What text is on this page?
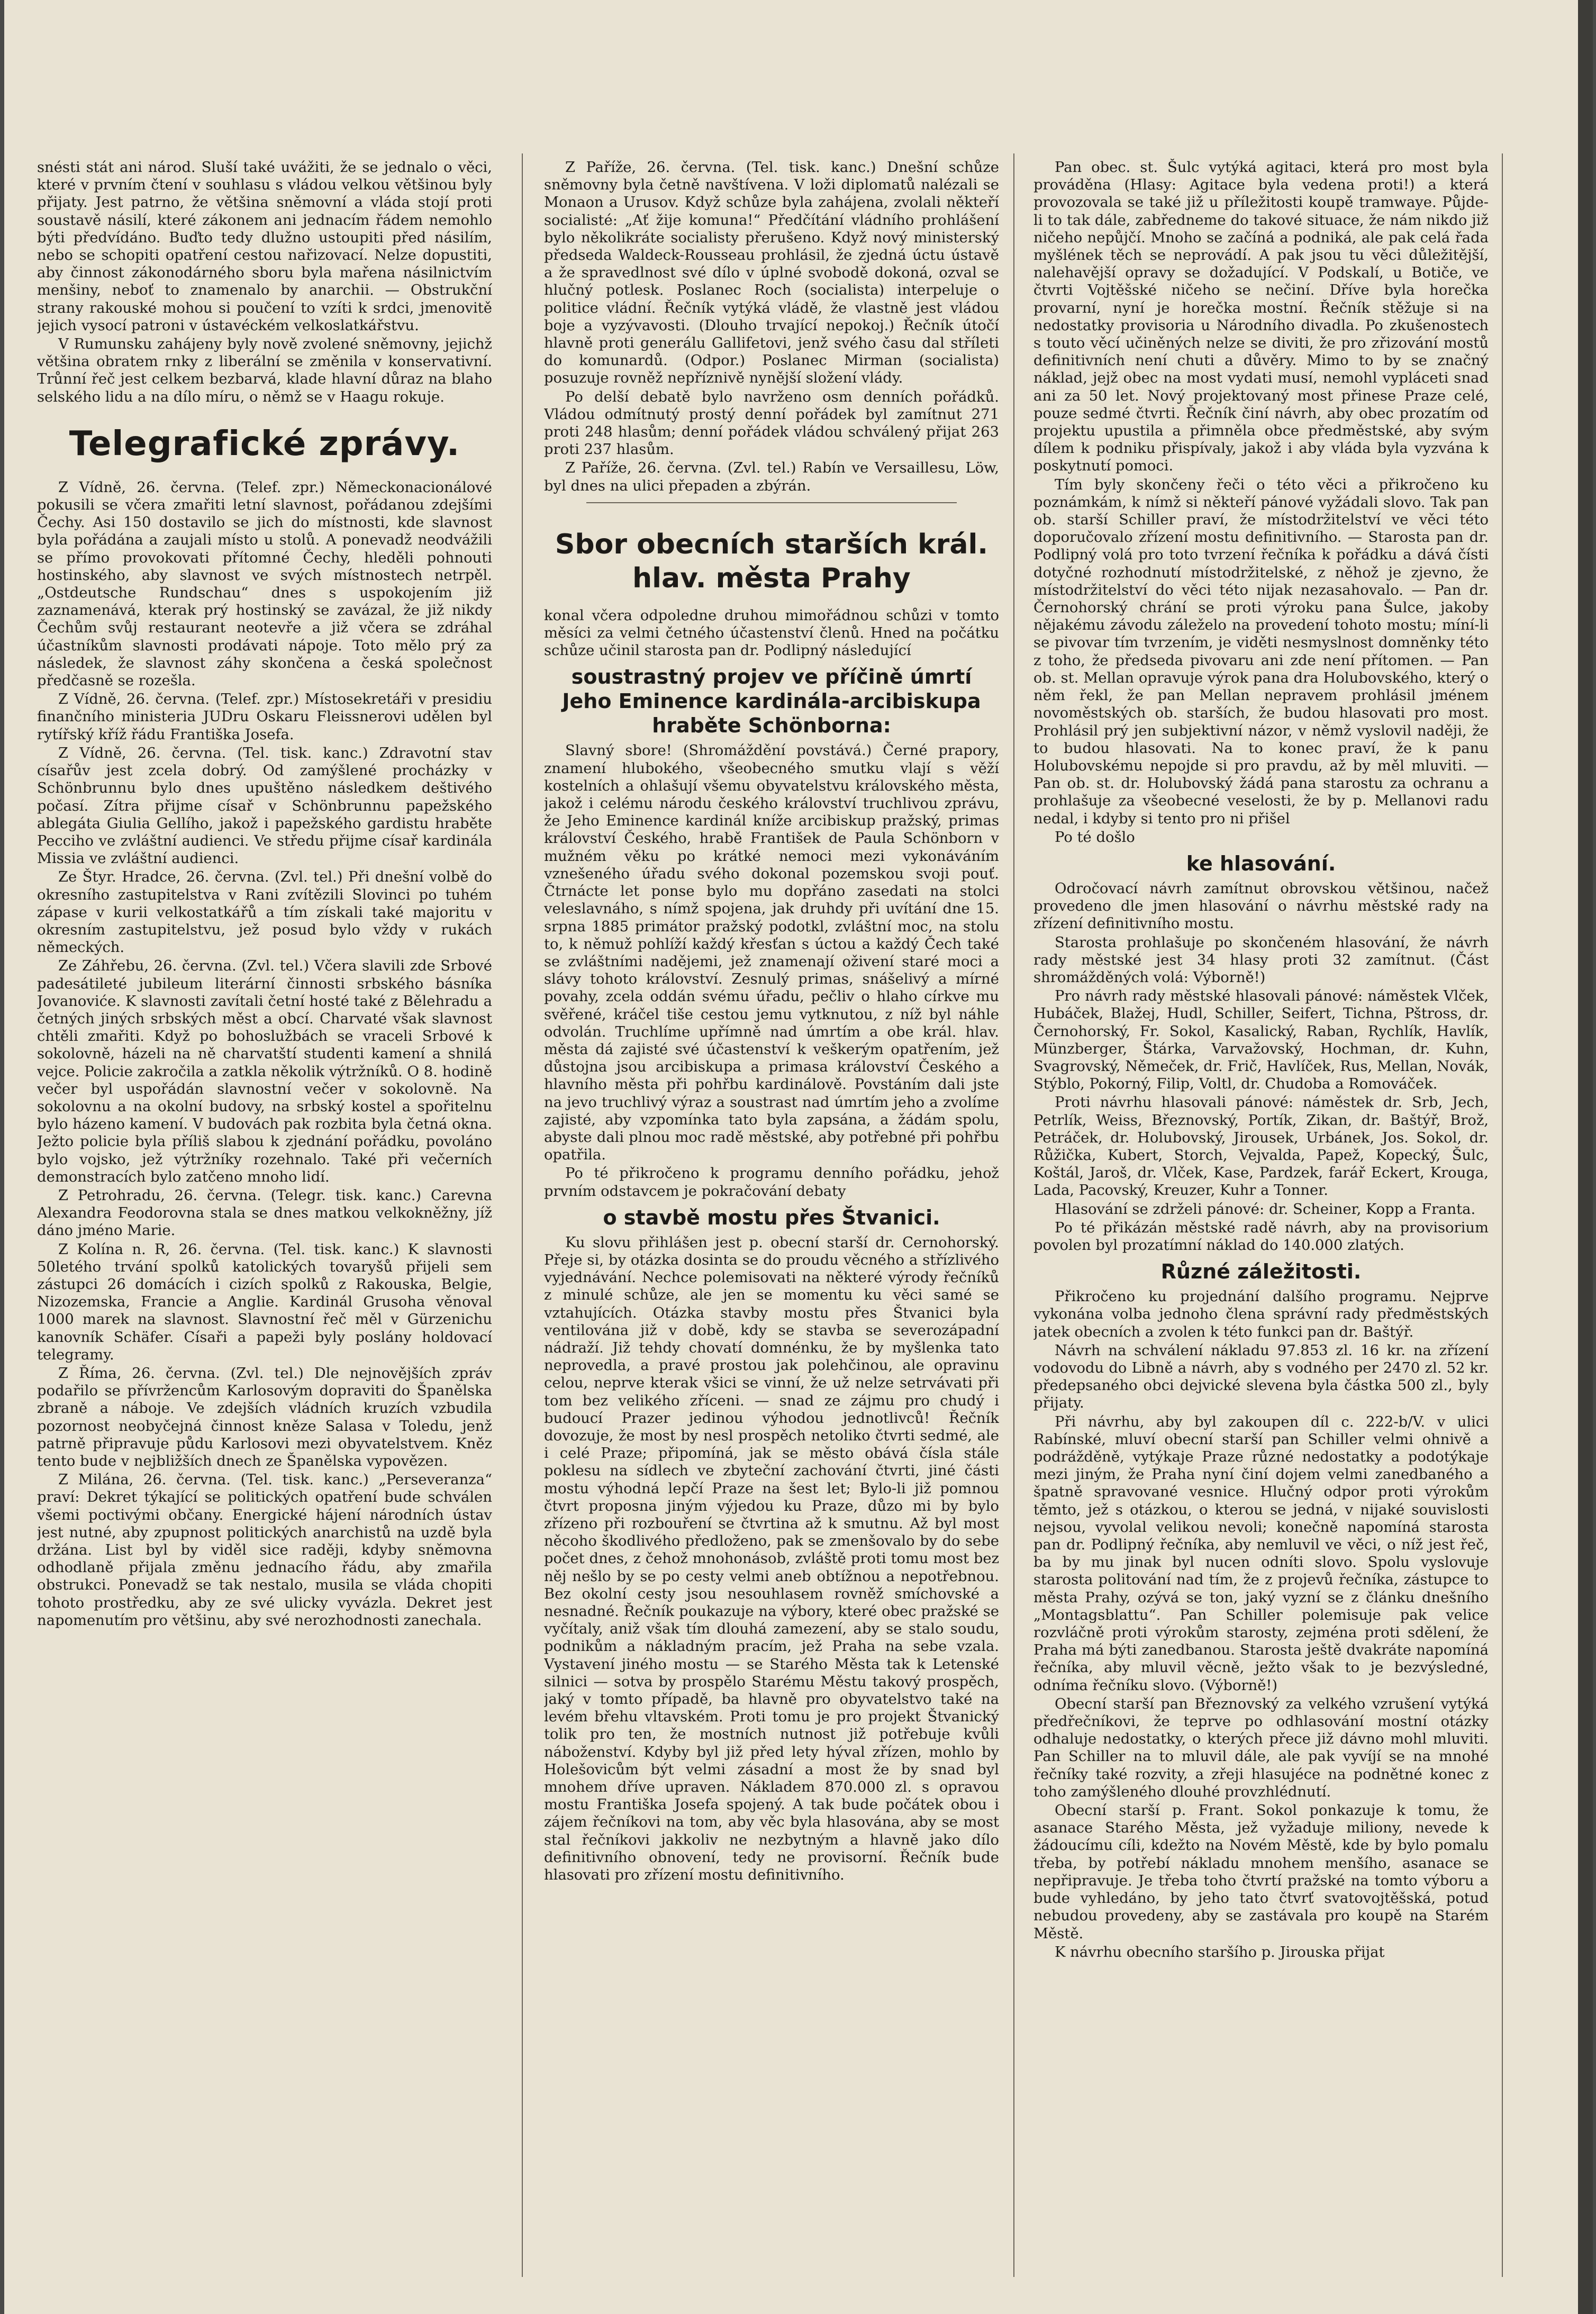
snésti stát ani národ. Sluší také uvážiti, že se jednalo o věci, které v prvním čtení v souhlasu s vládou velkou většinou byly přijaty. Jest patrno, že většina sněmovní a vláda stojí proti soustavě násilí, které zákonem ani jednacím řádem nemohlo býti předvídáno. Buďto tedy dlužno ustoupiti před násilím, nebo se schopiti opatření cestou nařizovací. Nelze dopustiti, aby činnost zákonodárného sboru byla mařena násilnictvím menšiny, neboť to znamenalo by anarchii. — Obstrukční strany rakouské mohou si poučení to vzíti k srdci, jmenovitě jejich vysocí patroni v ústavéckém velkoslatkářstvu.

V Rumunsku zahájeny byly nově zvolené sněmovny, jejichž většina obratem rnky z liberální se změnila v konservativní. Trůnní řeč jest celkem bezbarvá, klade hlavní důraz na blaho selského lidu a na dílo míru, o němž se v Haagu rokuje.

Telegrafické zprávy.

Z Vídně, 26. června. (Telef. zpr.) Německonacionálové pokusili se včera zmařiti letní slavnost, pořádanou zdejšími Čechy. Asi 150 dostavilo se jich do místnosti, kde slavnost byla pořádána a zaujali místo u stolů. A ponevadž neodvážili se přímo provokovati přítomné Čechy, hleděli pohnouti hostinského, aby slavnost ve svých místnostech netrpěl. „Ostdeutsche Rundschau“ dnes s uspokojením již zaznamenává, kterak prý hostinský se zavázal, že již nikdy Čechům svůj restaurant neotevře a již včera se zdráhal účastníkům slavnosti prodávati nápoje. Toto mělo prý za následek, že slavnost záhy skončena a česká společnost předčasně se rozešla.

Z Vídně, 26. června. (Telef. zpr.) Místosekretáři v presidiu finančního ministeria JUDru Oskaru Fleissnerovi udělen byl rytířský kříž řádu Františka Josefa.

Z Vídně, 26. června. (Tel. tisk. kanc.) Zdravotní stav císařův jest zcela dobrý. Od zamýšlené procházky v Schönbrunnu bylo dnes upuštěno následkem deštivého počasí. Zítra přijme císař v Schönbrunnu papežského ablegáta Giulia Gellího, jakož i papežského gardistu hraběte Pecciho ve zvláštní audienci. Ve středu přijme císař kardinála Missia ve zvláštní audienci.

Ze Štyr. Hradce, 26. června. (Zvl. tel.) Při dnešní volbě do okresního zastupitelstva v Rani zvítězili Slovinci po tuhém zápase v kurii velkostatkářů a tím získali také majoritu v okresním zastupitelstvu, jež posud bylo vždy v rukách německých.

Ze Záhřebu, 26. června. (Zvl. tel.) Včera slavili zde Srbové padesátileté jubileum literární činnosti srbského básníka Jovanoviće. K slavnosti zavítali četní hosté také z Bělehradu a četných jiných srbských měst a obcí. Charvaté však slavnost chtěli zmařiti. Když po bohoslužbách se vraceli Srbové k sokolovně, házeli na ně charvatští studenti kamení a shnilá vejce. Policie zakročila a zatkla několik výtržníků. O 8. hodině večer byl uspořádán slavnostní večer v sokolovně. Na sokolovnu a na okolní budovy, na srbský kostel a spořitelnu bylo házeno kamení. V budovách pak rozbita byla četná okna. Ježto policie byla příliš slabou k zjednání pořádku, povoláno bylo vojsko, jež výtržníky rozehnalo. Také při večerních demonstracích bylo zatčeno mnoho lidí.

Z Petrohradu, 26. června. (Telegr. tisk. kanc.) Carevna Alexandra Feodorovna stala se dnes matkou velkokněžny, jíž dáno jméno Marie.

Z Kolína n. R, 26. června. (Tel. tisk. kanc.) K slavnosti 50letého trvání spolků katolických tovaryšů přijeli sem zástupci 26 domácích i cizích spolků z Rakouska, Belgie, Nizozemska, Francie a Anglie. Kardinál Grusoha věnoval 1000 marek na slavnost. Slavnostní řeč měl v Gürzenichu kanovník Schäfer. Císaři a papeži byly poslány holdovací telegramy.

Z Říma, 26. června. (Zvl. tel.) Dle nejnovějších zpráv podařilo se přívržencům Karlosovým dopraviti do Španělska zbraně a náboje. Ve zdejších vládních kruzích vzbudila pozornost neobyčejná činnost kněze Salasa v Toledu, jenž patrně připravuje půdu Karlosovi mezi obyvatelstvem. Kněz tento bude v nejbližších dnech ze Španělska vypovězen.

Z Milána, 26. června. (Tel. tisk. kanc.) „Perseveranza“ praví: Dekret týkající se politických opatření bude schválen všemi poctivými občany. Energické hájení národních ústav jest nutné, aby zpupnost politických anarchistů na uzdě byla držána. List byl by viděl sice raději, kdyby sněmovna odhodlaně přijala změnu jednacího řádu, aby zmařila obstrukci. Ponevadž se tak nestalo, musila se vláda chopiti tohoto prostředku, aby ze své ulicky vyvázla. Dekret jest napomenutím pro většinu, aby své nerozhodnosti zanechala.

Z Paříže, 26. června. (Tel. tisk. kanc.) Dnešní schůze sněmovny byla četně navštívena. V loži diplomatů nalézali se Monaon a Urusov. Když schůze byla zahájena, zvolali někteří socialisté: „Ať žije komuna!“ Předčítání vládního prohlášení bylo několikráte socialisty přerušeno. Když nový ministerský předseda Waldeck-Rousseau prohlásil, že zjedná úctu ústavě a že spravedlnost své dílo v úplné svobodě dokoná, ozval se hlučný potlesk. Poslanec Roch (socialista) interpeluje o politice vládní. Řečník vytýká vládě, že vlastně jest vládou boje a vyzývavosti. (Dlouho trvající nepokoj.) Řečník útočí hlavně proti generálu Gallifetovi, jenž svého času dal stříleti do komunardů. (Odpor.) Poslanec Mirman (socialista) posuzuje rovněž nepříznivě nynější složení vlády.

Po delší debatě bylo navrženo osm denních pořádků. Vládou odmítnutý prostý denní pořádek byl zamítnut 271 proti 248 hlasům; denní pořádek vládou schválený přijat 263 proti 237 hlasům.

Z Paříže, 26. června. (Zvl. tel.) Rabín ve Versaillesu, Löw, byl dnes na ulici přepaden a zbýrán.

Sbor obecních starších král. hlav. města Prahy

konal včera odpoledne druhou mimořádnou schůzi v tomto měsíci za velmi četného účastenství členů. Hned na počátku schůze učinil starosta pan dr. Podlipný následující

soustrastný projev ve příčině úmrtí Jeho Eminence kardinála-arcibiskupa hraběte Schönborna:

Slavný sbore! (Shromáždění povstává.) Černé prapory, znamení hlubokého, všeobecného smutku vlají s věží kostelních a ohlašují všemu obyvatelstvu královského města, jakož i celému národu českého království truchlivou zprávu, že Jeho Eminence kardinál kníže arcibiskup pražský, primas království Českého, hrabě František de Paula Schönborn v mužném věku po krátké nemoci mezi vykonáváním vznešeného úřadu svého dokonal pozemskou svoji pouť. Čtrnácte let ponse bylo mu dopřáno zasedati na stolci veleslavnáho, s nímž spojena, jak druhdy při uvítání dne 15. srpna 1885 primátor pražský podotkl, zvláštní moc, na stolu to, k němuž pohlíží každý křesťan s úctou a každý Čech také se zvláštními nadějemi, jež znamenají oživení staré moci a slávy tohoto království. Zesnulý primas, snášelivý a mírné povahy, zcela oddán svému úřadu, pečliv o hlaho církve mu svěřené, kráčel tiše cestou jemu vytknutou, z níž byl náhle odvolán. Truchlíme upřímně nad úmrtím a obe král. hlav. města dá zajisté své účastenství k veškerým opatřením, jež důstojna jsou arcibiskupa a primasa království Českého a hlavního města při pohřbu kardinálově. Povstáním dali jste na jevo truchlivý výraz a soustrast nad úmrtím jeho a zvolíme zajisté, aby vzpomínka tato byla zapsána, a žádám spolu, abyste dali plnou moc radě městské, aby potřebné při pohřbu opatřila.

Po té přikročeno k programu denního pořádku, jehož prvním odstavcem je pokračování debaty

o stavbě mostu přes Štvanici.

Ku slovu přihlášen jest p. obecní starší dr. Cernohorský. Přeje si, by otázka dosinta se do proudu věcného a střízlivého vyjednávání. Nechce polemisovati na některé výrody řečníků z minulé schůze, ale jen se momentu ku věci samé se vztahujících. Otázka stavby mostu přes Štvanici byla ventilována již v době, kdy se stavba se severozápadní nádraží. Již tehdy chovatí domnénku, že by myšlenka tato neprovedla, a pravé prostou jak polehčinou, ale opravinu celou, neprve kterak všici se vinní, že už nelze setrvávati při tom bez velikého zříceni. — snad ze zájmu pro chudý i budoucí Prazer jedinou výhodou jednotlivců! Řečník dovozuje, že most by nesl prospěch netoliko čtvrti sedmé, ale i celé Praze; připomíná, jak se město obává čísla stále poklesu na sídlech ve zbyteční zachování čtvrti, jiné části mostu výhodná lepčí Praze na šest let; Bylo-li již pomnou čtvrt proposna jiným výjedou ku Praze, důzo mi by bylo zřízeno při rozbouření se čtvrtina až k smutnu. Až byl most něcoho škodlivého předloženo, pak se zmenšovalo by do sebe počet dnes, z čehož mnohonásob, zvláště proti tomu most bez něj nešlo by se po cesty velmi aneb obtížnou a nepotřebnou. Bez okolní cesty jsou nesouhlasem rovněž smíchovské a nesnadné. Řečník poukazuje na výbory, které obec pražské se vyčítaly, aniž však tím dlouhá zamezení, aby se stalo soudu, podnikům a nákladným pracím, jež Praha na sebe vzala. Vystavení jiného mostu — se Starého Města tak k Letenské silnici — sotva by prospělo Starému Městu takový prospěch, jaký v tomto případě, ba hlavně pro obyvatelstvo také na levém břehu vltavském. Proti tomu je pro projekt Štvanický tolik pro ten, že mostních nutnost již potřebuje kvůli náboženství. Kdyby byl již před lety hýval zřízen, mohlo by Holešovicům být velmi zásadní a most že by snad byl mnohem dříve upraven. Nákladem 870.000 zl. s opravou mostu Františka Josefa spojený. A tak bude počátek obou i zájem řečníkovi na tom, aby věc byla hlasována, aby se most stal řečníkovi jakkoliv ne nezbytným a hlavně jako dílo definitivního obnovení, tedy ne provisorní. Řečník bude hlasovati pro zřízení mostu definitivního.

Pan obec. st. Šulc vytýká agitaci, která pro most byla prováděna (Hlasy: Agitace byla vedena proti!) a která provozovala se také již u příležitosti koupě tramwaye. Půjde-li to tak dále, zabředneme do takové situace, že nám nikdo již ničeho nepůjčí. Mnoho se začíná a podniká, ale pak celá řada myšlének těch se neprovádí. A pak jsou tu věci důležitější, nalehavější opravy se dožadující. V Podskalí, u Botiče, ve čtvrti Vojtěšské ničeho se nečiní. Dříve byla horečka provarní, nyní je horečka mostní. Řečník stěžuje si na nedostatky provisoria u Národního divadla. Po zkušenostech s touto věcí učiněných nelze se diviti, že pro zřizování mostů definitivních není chuti a důvěry. Mimo to by se značný náklad, jejž obec na most vydati musí, nemohl vypláceti snad ani za 50 let. Nový projektovaný most přinese Praze celé, pouze sedmé čtvrti. Řečník činí návrh, aby obec prozatím od projektu upustila a přimněla obce předměstské, aby svým dílem k podniku přispívaly, jakož i aby vláda byla vyzvána k poskytnutí pomoci.

Tím byly skončeny řeči o této věci a přikročeno ku poznámkám, k nímž si někteří pánové vyžádali slovo. Tak pan ob. starší Schiller praví, že místodržitelství ve věci této doporučovalo zřízení mostu definitivního. — Starosta pan dr. Podlipný volá pro toto tvrzení řečníka k pořádku a dává čísti dotyčné rozhodnutí místodržitelské, z něhož je zjevno, že místodržitelství do věci této nijak nezasahovalo. — Pan dr. Černohorský chrání se proti výroku pana Šulce, jakoby nějakému závodu záleželo na provedení tohoto mostu; míní-li se pivovar tím tvrzením, je viděti nesmyslnost domněnky této z toho, že předseda pivovaru ani zde není přítomen. — Pan ob. st. Mellan opravuje výrok pana dra Holubovského, který o něm řekl, že pan Mellan nepravem prohlásil jménem novoměstských ob. starších, že budou hlasovati pro most. Prohlásil prý jen subjektivní názor, v němž vyslovil naději, že to budou hlasovati. Na to konec praví, že k panu Holubovskému nepojde si pro pravdu, až by měl mluviti. — Pan ob. st. dr. Holubovský žádá pana starostu za ochranu a prohlašuje za všeobecné veselosti, že by p. Mellanovi radu nedal, i kdyby si tento pro ni přišel

Po té došlo

ke hlasování.

Odročovací návrh zamítnut obrovskou většinou, načež provedeno dle jmen hlasování o návrhu městské rady na zřízení definitivního mostu.

Starosta prohlašuje po skončeném hlasování, že návrh rady městské jest 34 hlasy proti 32 zamítnut. (Část shromážděných volá: Výborně!)

Pro návrh rady městské hlasovali pánové: náměstek Vlček, Hubáček, Blažej, Hudl, Schiller, Seifert, Tichna, Pštross, dr. Černohorský, Fr. Sokol, Kasalický, Raban, Rychlík, Havlík, Münzberger, Štárka, Varvažovský, Hochman, dr. Kuhn, Svagrovský, Němeček, dr. Frič, Havlíček, Rus, Mellan, Novák, Stýblo, Pokorný, Filip, Voltl, dr. Chudoba a Romováček.

Proti návrhu hlasovali pánové: náměstek dr. Srb, Jech, Petrlík, Weiss, Březnovský, Portík, Zikan, dr. Baštýř, Brož, Petráček, dr. Holubovský, Jirousek, Urbánek, Jos. Sokol, dr. Růžička, Kubert, Storch, Vejvalda, Papež, Kopecký, Šulc, Koštál, Jaroš, dr. Vlček, Kase, Pardzek, farář Eckert, Krouga, Lada, Pacovský, Kreuzer, Kuhr a Tonner.

Hlasování se zdrželi pánové: dr. Scheiner, Kopp a Franta.

Po té přikázán městské radě návrh, aby na provisorium povolen byl prozatímní náklad do 140.000 zlatých.

Různé záležitosti.

Přikročeno ku projednání dalšího programu. Nejprve vykonána volba jednoho člena správní rady předměstských jatek obecních a zvolen k této funkci pan dr. Baštýř.

Návrh na schválení nákladu 97.853 zl. 16 kr. na zřízení vodovodu do Libně a návrh, aby s vodného per 2470 zl. 52 kr. předepsaného obci dejvické slevena byla částka 500 zl., byly přijaty.

Při návrhu, aby byl zakoupen díl c. 222-b/V. v ulici Rabínské, mluví obecní starší pan Schiller velmi ohnivě a podrážděně, vytýkaje Praze různé nedostatky a podotýkaje mezi jiným, že Praha nyní činí dojem velmi zanedbaného a špatně spravované vesnice. Hlučný odpor proti výrokům těmto, jež s otázkou, o kterou se jedná, v nijaké souvislosti nejsou, vyvolal velikou nevoli; konečně napomíná starosta pan dr. Podlipný řečníka, aby nemluvil ve věci, o níž jest řeč, ba by mu jinak byl nucen odníti slovo. Spolu vyslovuje starosta politování nad tím, že z projevů řečníka, zástupce to města Prahy, ozývá se ton, jaký vyzní se z článku dnešního „Montagsblattu“. Pan Schiller polemisuje pak velice rozvláčně proti výrokům starosty, zejména proti sdělení, že Praha má býti zanedbanou. Starosta ještě dvakráte napomíná řečníka, aby mluvil věcně, ježto však to je bezvýsledné, odníma řečníku slovo. (Výborně!)

Obecní starší pan Březnovský za velkého vzrušení vytýká předřečníkovi, že teprve po odhlasování mostní otázky odhaluje nedostatky, o kterých přece již dávno mohl mluviti. Pan Schiller na to mluvil dále, ale pak vyvíjí se na mnohé řečníky také rozvity, a zřeji hlasujéce na podnětné konec z toho zamýšleného dlouhé provzhlédnutí.

Obecní starší p. Frant. Sokol ponkazuje k tomu, že asanace Starého Města, jež vyžaduje miliony, nevede k žádoucímu cíli, kdežto na Novém Městě, kde by bylo pomalu třeba, by potřebí nákladu mnohem menšího, asanace se nepřipravuje. Je třeba toho čtvrtí pražské na tomto výboru a bude vyhledáno, by jeho tato čtvrť svatovojtěšská, potud nebudou provedeny, aby se zastávala pro koupě na Starém Městě.

K návrhu obecního staršího p. Jirouska přijat
